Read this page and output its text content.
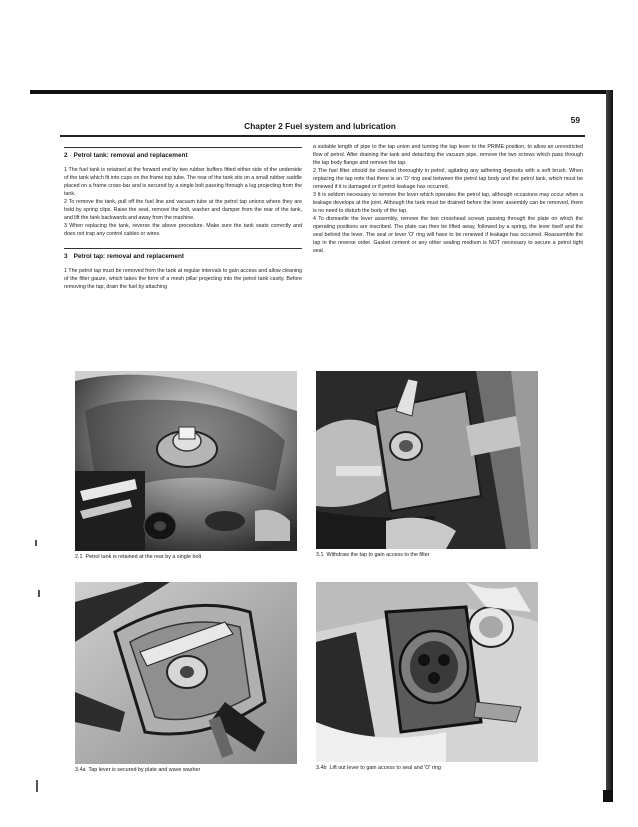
Chapter 2 Fuel system and lubrication
59
2 Petrol tank: removal and replacement

1 The fuel tank is retained at the forward end by two rubber buffers fitted either side of the underside of the tank which fit into cups on the frame top tube. The rear of the tank sits on a small rubber saddle placed on a frame cross-bar and is secured by a single bolt passing through a lug projecting from the tank.

2 To remove the tank, pull off the fuel line and vacuum tube at the petrol tap unions where they are held by spring clips. Raise the seat, remove the bolt, washer and damper from the rear of the tank, and lift the tank backwards and away from the machine.

3 When replacing the tank, reverse the above procedure. Make sure the tank seats correctly and does not trap any control cables or wires.

3 Petrol tap: removal and replacement

1 The petrol tap must be removed from the tank at regular intervals to gain access and allow cleaning of the filter gauze, which takes the form of a mesh pillar projecting into the petrol tank cavity. Before removing the tap, drain the fuel by attaching

a suitable length of pipe to the tap union and turning the tap lever to the PRIME position, to allow an unrestricted flow of petrol. After draining the tank and detaching the vacuum pipe, remove the two screws which pass through the tap body flange and remove the tap.

2 The fuel filter should be cleaned thoroughly in petrol, agitating any adhering deposits with a soft brush. When replacing the tap note that there is an 'O' ring seal between the petrol tap body and the petrol tank, which must be renewed if it is damaged or if petrol leakage has occurred.

3 It is seldom necessary to remove the lever which operates the petrol tap, although occasions may occur when a leakage develops at the joint. Although the tank must be drained before the lever assembly can be removed, there is no need to disturb the body of the tap.

4 To dismantle the lever assembly, remove the two crosshead screws passing through the plate on which the operating positions are inscribed. The plate can then be lifted away, followed by a spring, the lever itself and the seal behind the lever. The seal or lever 'O' ring will have to be renewed if leakage has occurred. Reassemble the tap in the reverse order. Gasket cement or any other sealing medium is NOT necessary to secure a petrol tight seal.

2.1 Petrol tank is retained at the rear by a single bolt	3.1 Withdraw the tap to gain access to the filter
3.4a Tap lever is secured by plate and wave washer	3.4b Lift out lever to gain access to seal and 'O' ring
